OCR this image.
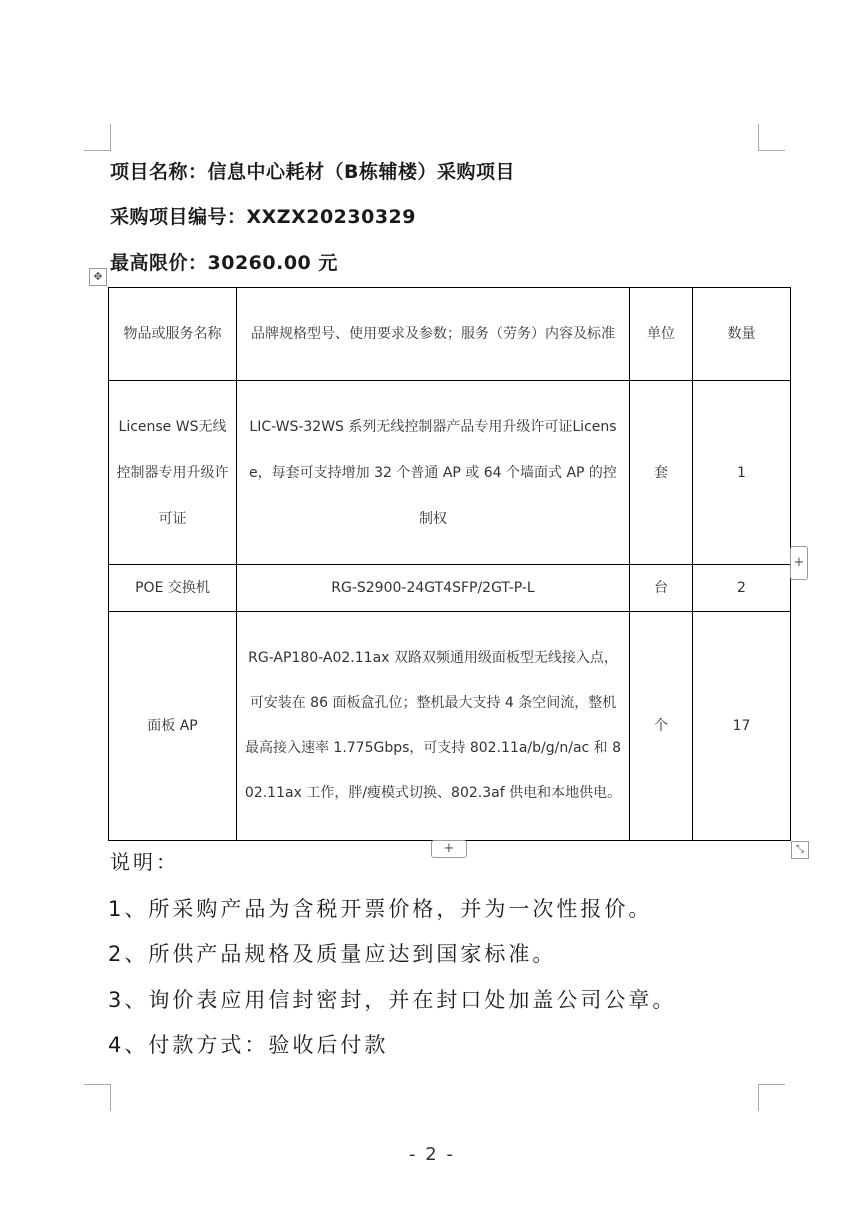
项目名称：信息中心耗材（B栋辅楼）采购项目
采购项目编号：XXZX20230329
最高限价：30260.00 元
✥
物品或服务名称	品牌规格型号、使用要求及参数；服务（劳务）内容及标准	单位	数量
License WS无线控制器专用升级许可证	LIC-WS-32WS 系列无线控制器产品专用升级许可证License，每套可支持增加 32 个普通 AP 或 64 个墙面式 AP 的控制权	套	1
POE 交换机	RG-S2900-24GT4SFP/2GT-P-L	台	2
面板 AP	RG-AP180-A02.11ax 双路双频通用级面板型无线接入点，可安装在 86 面板盒孔位；整机最大支持 4 条空间流，整机最高接入速率 1.775Gbps，可支持 802.11a/b/g/n/ac 和 802.11ax 工作，胖/瘦模式切换、802.3af 供电和本地供电。	个	17
+
+	⤡
说明：
1、所采购产品为含税开票价格，并为一次性报价。
2、所供产品规格及质量应达到国家标准。
3、询价表应用信封密封，并在封口处加盖公司公章。
4、付款方式：验收后付款
- 2 -
